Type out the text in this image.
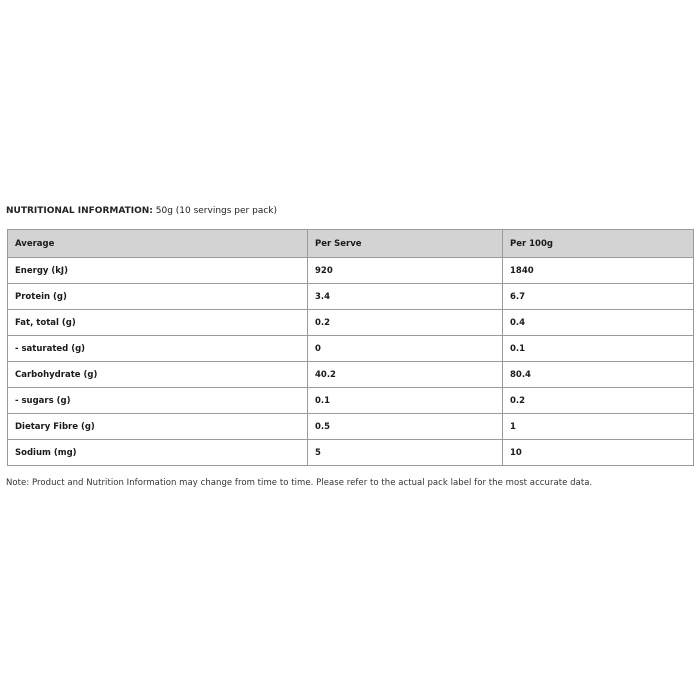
NUTRITIONAL INFORMATION: 50g (10 servings per pack)
Average	Per Serve	Per 100g
Energy (kJ)	920	1840
Protein (g)	3.4	6.7
Fat, total (g)	0.2	0.4
- saturated (g)	0	0.1
Carbohydrate (g)	40.2	80.4
- sugars (g)	0.1	0.2
Dietary Fibre (g)	0.5	1
Sodium (mg)	5	10
Note: Product and Nutrition Information may change from time to time. Please refer to the actual pack label for the most accurate data.
